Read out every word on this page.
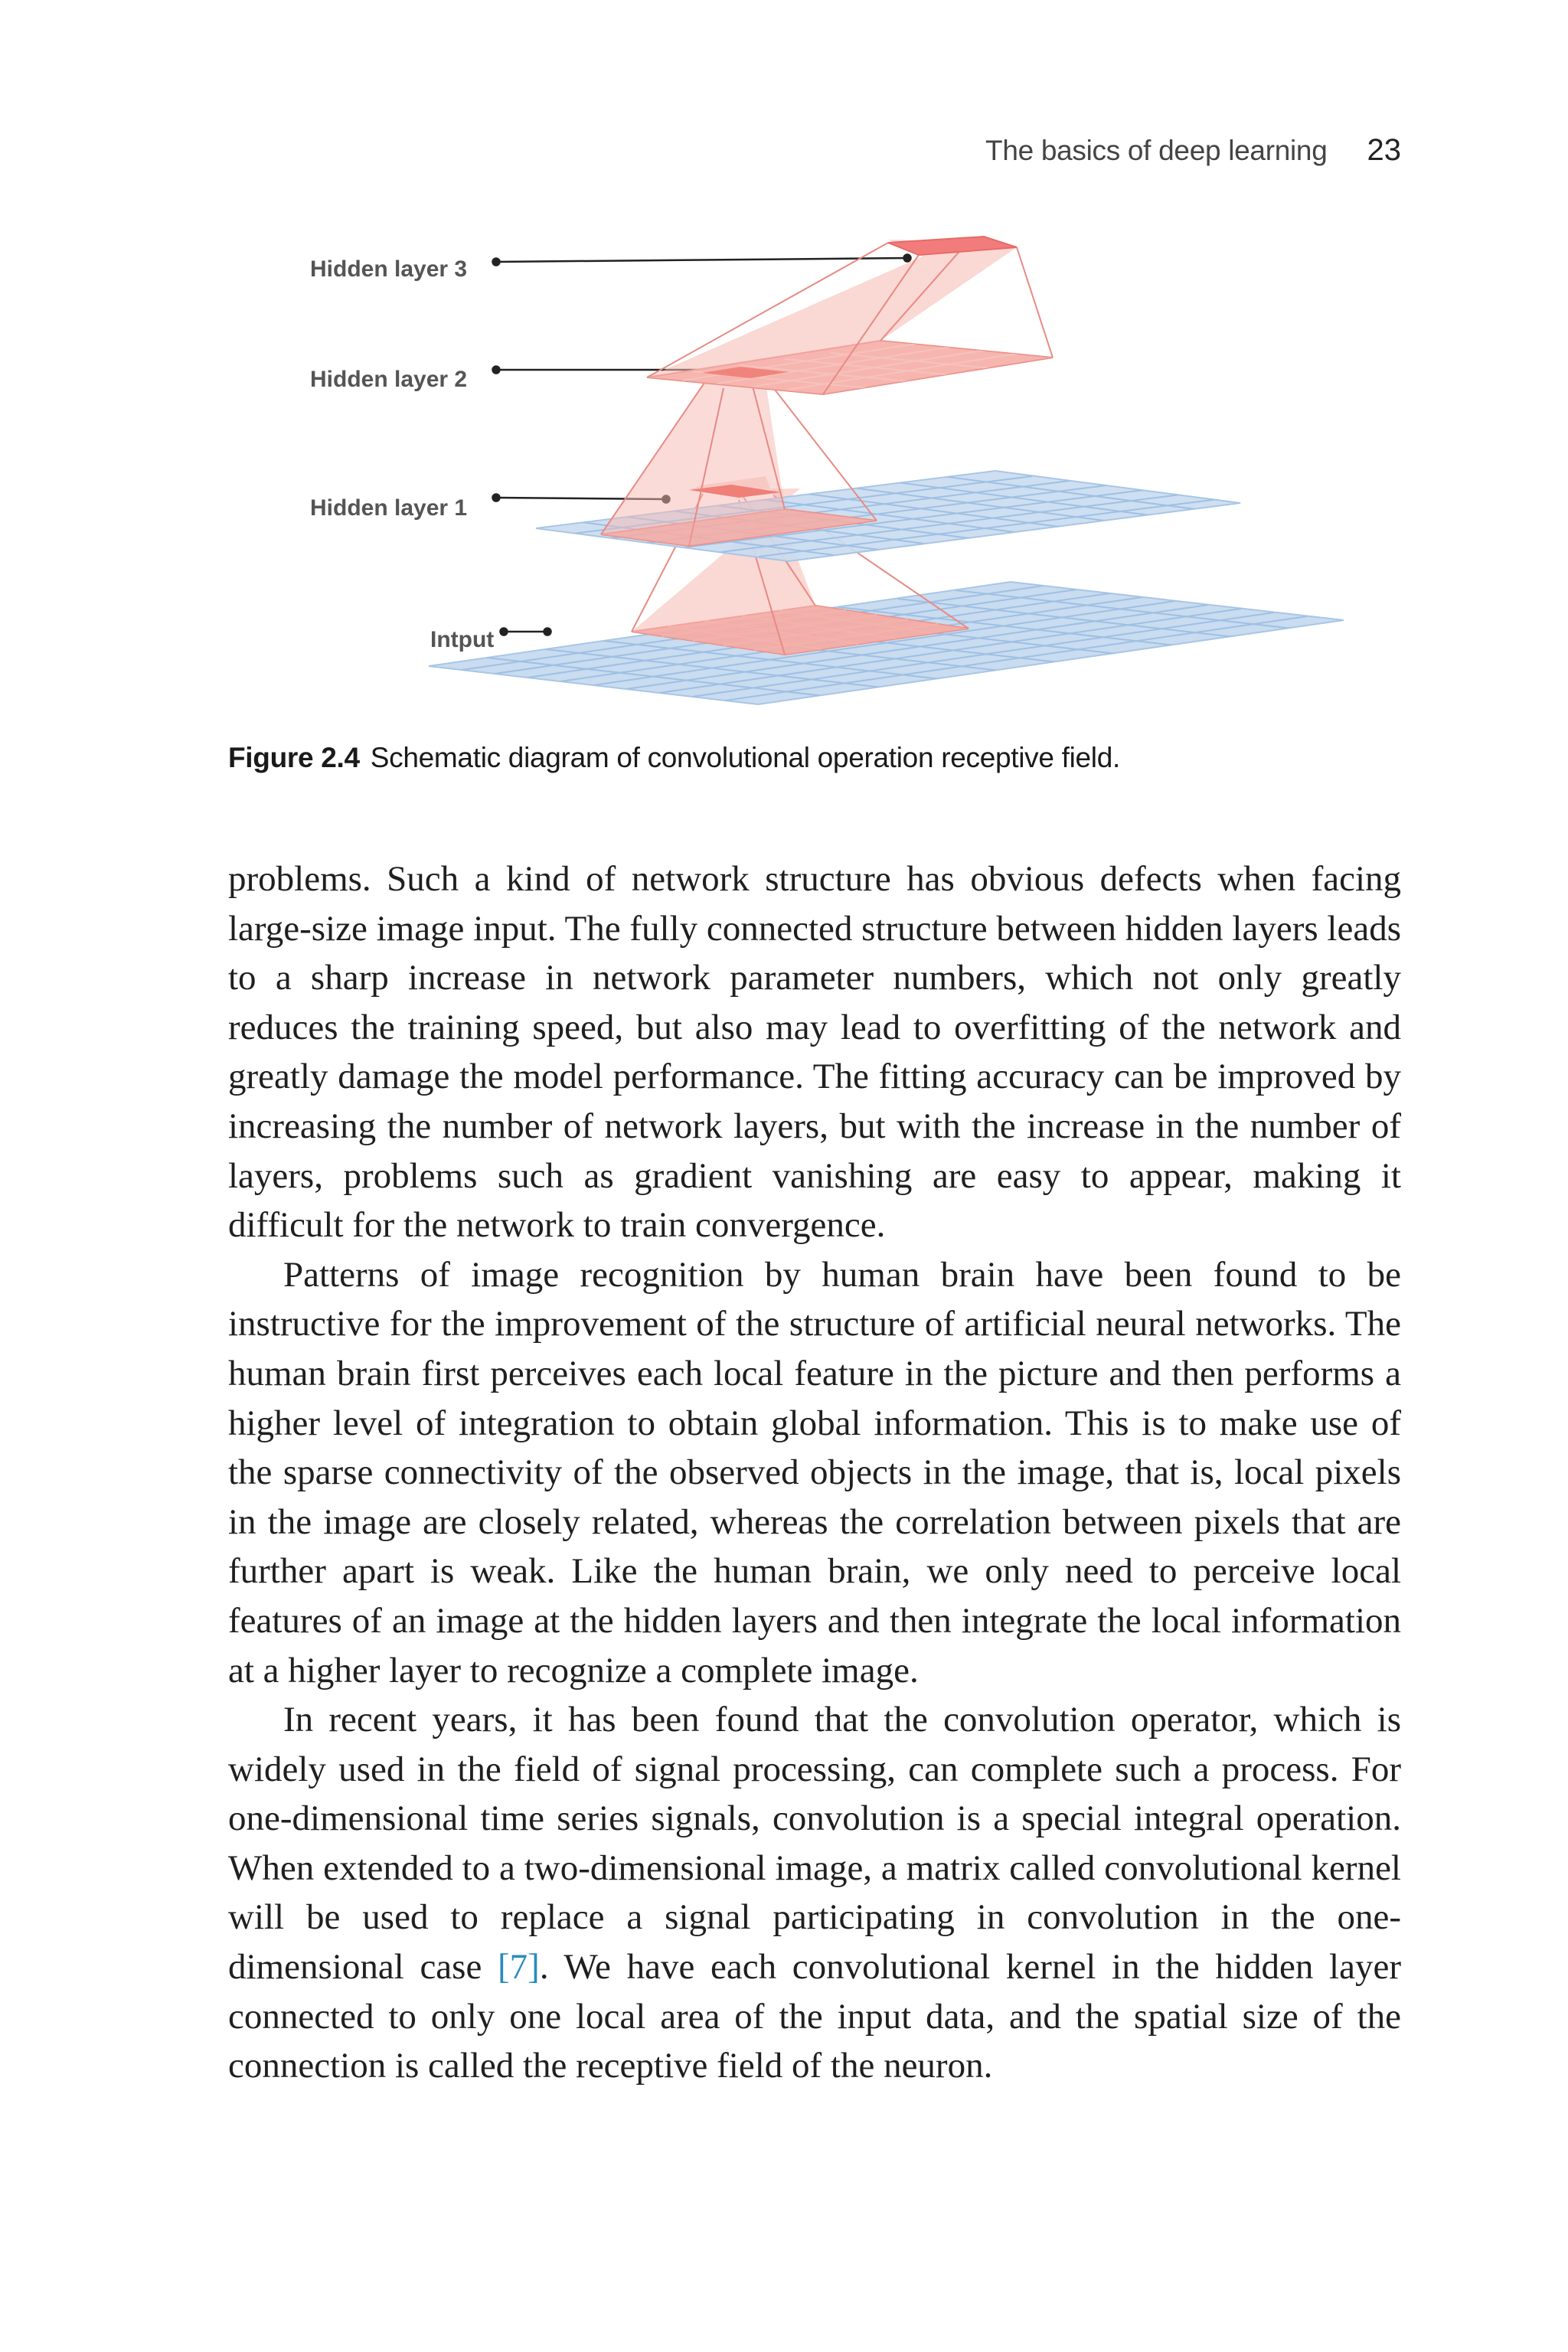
The basics of deep learning 23
Hidden layer 3
Hidden layer 2
Hidden layer 1
Intput
Figure 2.4 Schematic diagram of convolutional operation receptive field.

problems. Such a kind of network structure has obvious defects when facing large-size image input. The fully connected structure between hidden layers leads to a sharp increase in network parameter numbers, which not only greatly reduces the training speed, but also may lead to overfitting of the network and greatly damage the model performance. The fitting accuracy can be improved by increasing the number of network layers, but with the increase in the number of layers, problems such as gradient vanishing are easy to appear, making it difficult for the network to train convergence.

Patterns of image recognition by human brain have been found to be instructive for the improvement of the structure of artificial neural networks. The human brain first perceives each local feature in the picture and then performs a higher level of integration to obtain global information. This is to make use of the sparse connectivity of the observed objects in the image, that is, local pixels in the image are closely related, whereas the correlation between pixels that are further apart is weak. Like the human brain, we only need to perceive local features of an image at the hidden layers and then integrate the local information at a higher layer to recognize a complete image.

In recent years, it has been found that the convolution operator, which is widely used in the field of signal processing, can complete such a process. For one-dimensional time series signals, convolution is a special integral operation. When extended to a two-dimensional image, a matrix called convolutional kernel will be used to replace a signal participating in convolution in the one-dimensional case [7]. We have each convolutional kernel in the hidden layer connected to only one local area of the input data, and the spatial size of the connection is called the receptive field of the neuron.
